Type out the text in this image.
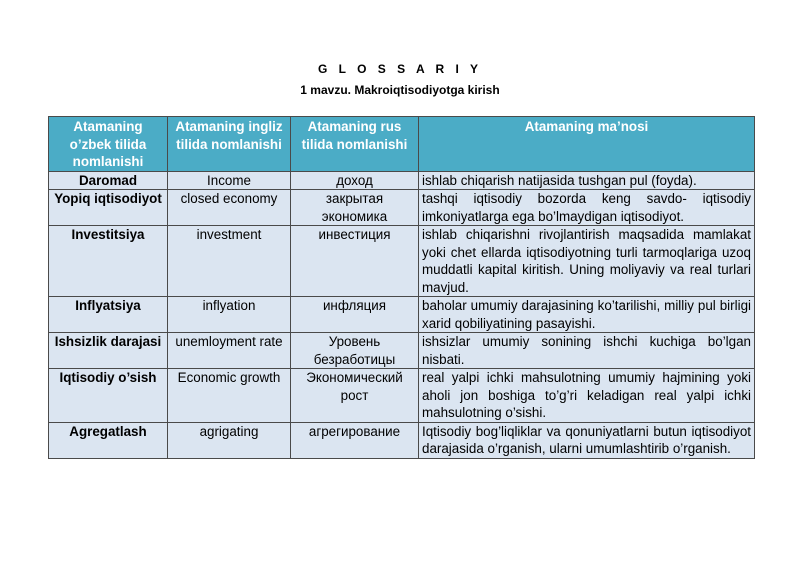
G L O S S A R I Y
1 mavzu. Makroiqtisodiyotga kirish
Atamaning o’zbek tilida nomlanishi	Atamaning ingliz tilida nomlanishi	Atamaning rus tilida nomlanishi	Atamaning ma’nosi
Daromad	Income	доход	ishlab chiqarish natijasida tushgan pul (foyda).
Yopiq iqtisodiyot	closed economy	закрытая экономика	tashqi iqtisodiy bozorda keng savdo- iqtisodiy imkoniyatlarga ega bo’lmaydigan iqtisodiyot.
Investitsiya	investment	инвестиция	ishlab chiqarishni rivojlantirish maqsadida mamlakat yoki chet ellarda iqtisodiyotning turli tarmoqlariga uzoq muddatli kapital kiritish. Uning moliyaviy va real turlari mavjud.
Inflyatsiya	inflyation	инфляция	baholar umumiy darajasining ko’tarilishi, milliy pul birligi xarid qobiliyatining pasayishi.
Ishsizlik darajasi	unemloyment rate	Уровень безработицы	ishsizlar umumiy sonining ishchi kuchiga bo’lgan nisbati.
Iqtisodiy o’sish	Economic growth	Экономический рост	real yalpi ichki mahsulotning umumiy hajmining yoki aholi jon boshiga to’g’ri keladigan real yalpi ichki mahsulotning o’sishi.
Agregatlash	agrigating	агрегирование	Iqtisodiy bog’liqliklar va qonuniyatlarni butun iqtisodiyot darajasida o’rganish, ularni umumlashtirib o’rganish.
